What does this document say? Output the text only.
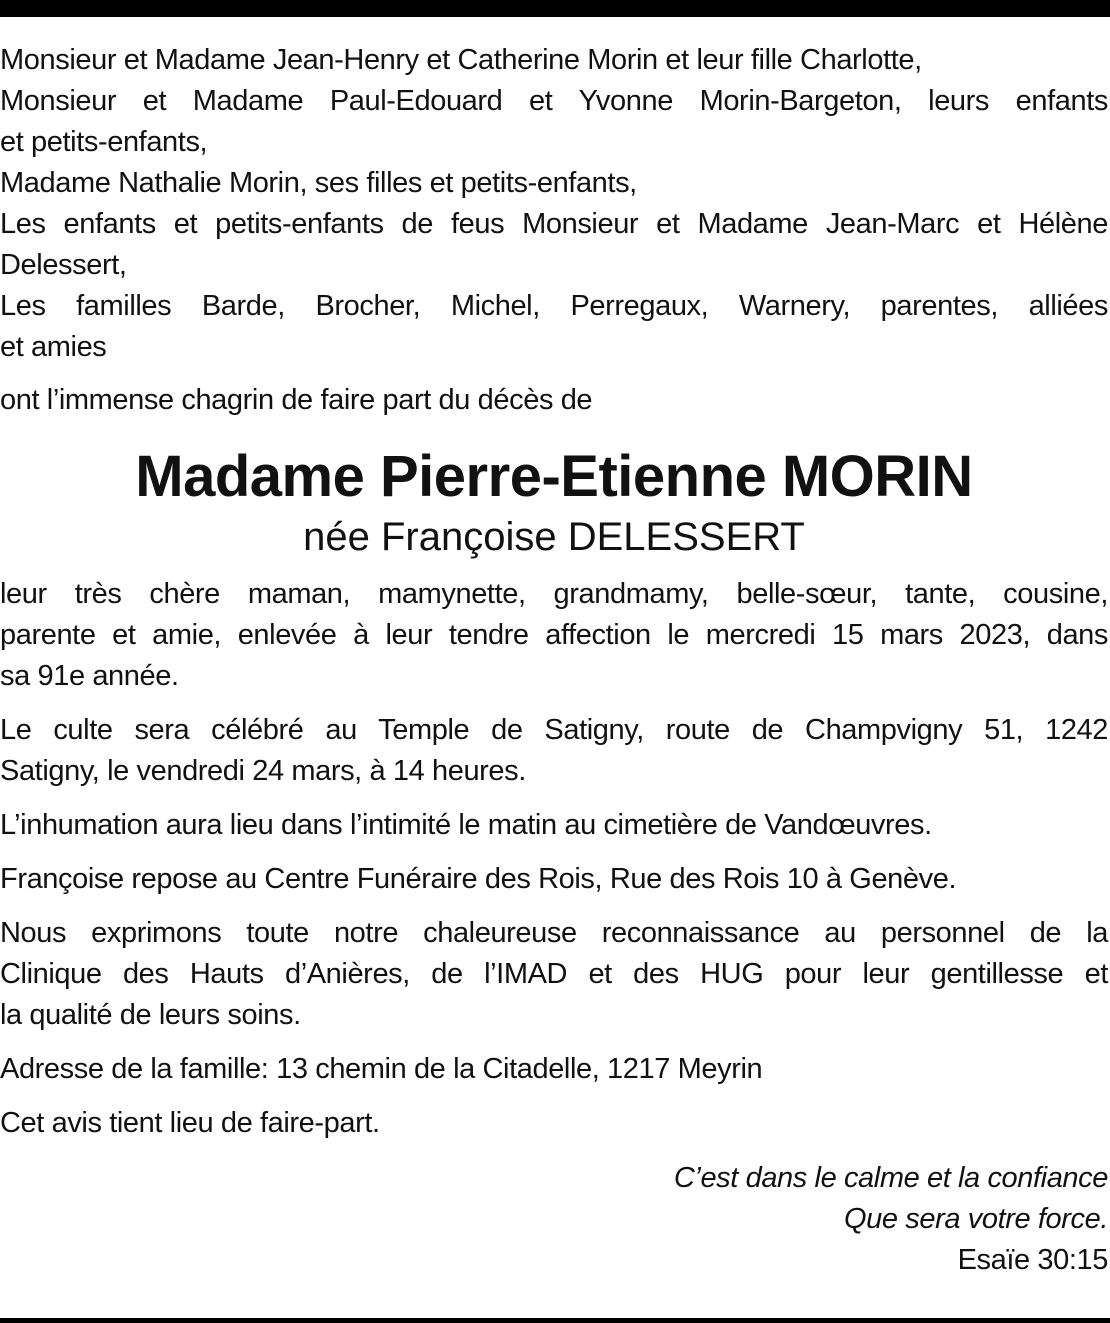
Monsieur et Madame Jean-Henry et Catherine Morin et leur fille Charlotte,

Monsieur et Madame Paul-Edouard et Yvonne Morin-Bargeton, leurs enfants
et petits-enfants,

Madame Nathalie Morin, ses filles et petits-enfants,

Les enfants et petits-enfants de feus Monsieur et Madame Jean-Marc et Hélène
Delessert,

Les familles Barde, Brocher, Michel, Perregaux, Warnery, parentes, alliées
et amies

ont l’immense chagrin de faire part du décès de

Madame Pierre-Etienne MORIN
née Françoise DELESSERT

leur très chère maman, mamynette, grandmamy, belle-sœur, tante, cousine,
parente et amie, enlevée à leur tendre affection le mercredi 15 mars 2023, dans
sa 91e année.

Le culte sera célébré au Temple de Satigny, route de Champvigny 51, 1242
Satigny, le vendredi 24 mars, à 14 heures.

L’inhumation aura lieu dans l’intimité le matin au cimetière de Vandœuvres.

Françoise repose au Centre Funéraire des Rois, Rue des Rois 10 à Genève.

Nous exprimons toute notre chaleureuse reconnaissance au personnel de la
Clinique des Hauts d’Anières, de l’IMAD et des HUG pour leur gentillesse et
la qualité de leurs soins.

Adresse de la famille: 13 chemin de la Citadelle, 1217 Meyrin

Cet avis tient lieu de faire-part.

C’est dans le calme et la confiance
Que sera votre force.
Esaïe 30:15
